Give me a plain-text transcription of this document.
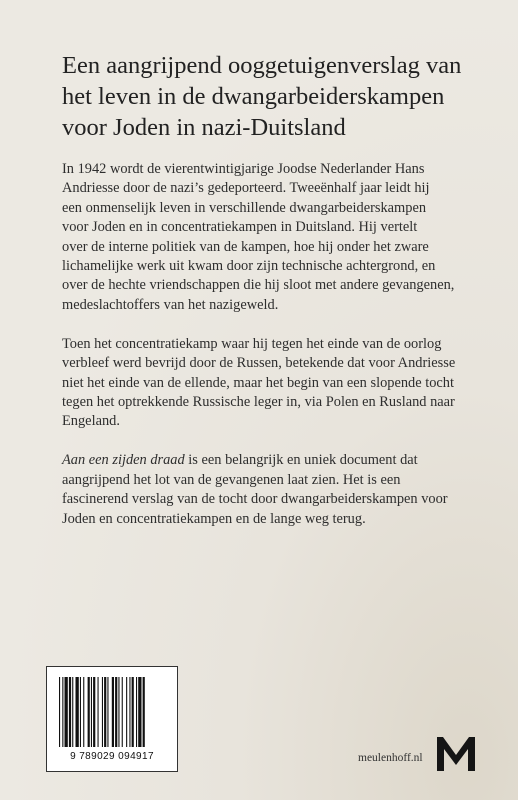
Een aangrijpend ooggetuigenverslag van
het leven in de dwangarbeiderskampen
voor Joden in nazi-Duitsland

In 1942 wordt de vierentwintigjarige Joodse Nederlander Hans
Andriesse door de nazi’s gedeporteerd. Tweeënhalf jaar leidt hij
een onmenselijk leven in verschillende dwangarbeiderskampen
voor Joden en in concentratiekampen in Duitsland. Hij vertelt
over de interne politiek van de kampen, hoe hij onder het zware
lichamelijke werk uit kwam door zijn technische achtergrond, en
over de hechte vriendschappen die hij sloot met andere gevangenen,
medeslachtoffers van het nazigeweld.

Toen het concentratiekamp waar hij tegen het einde van de oorlog
verbleef werd bevrijd door de Russen, betekende dat voor Andriesse
niet het einde van de ellende, maar het begin van een slopende tocht
tegen het optrekkende Russische leger in, via Polen en Rusland naar
Engeland.

Aan een zijden draad is een belangrijk en uniek document dat
aangrijpend het lot van de gevangenen laat zien. Het is een
fascinerend verslag van de tocht door dwangarbeiderskampen voor
Joden en concentratiekampen en de lange weg terug.

9 789029 094917	meulenhoff.nl
